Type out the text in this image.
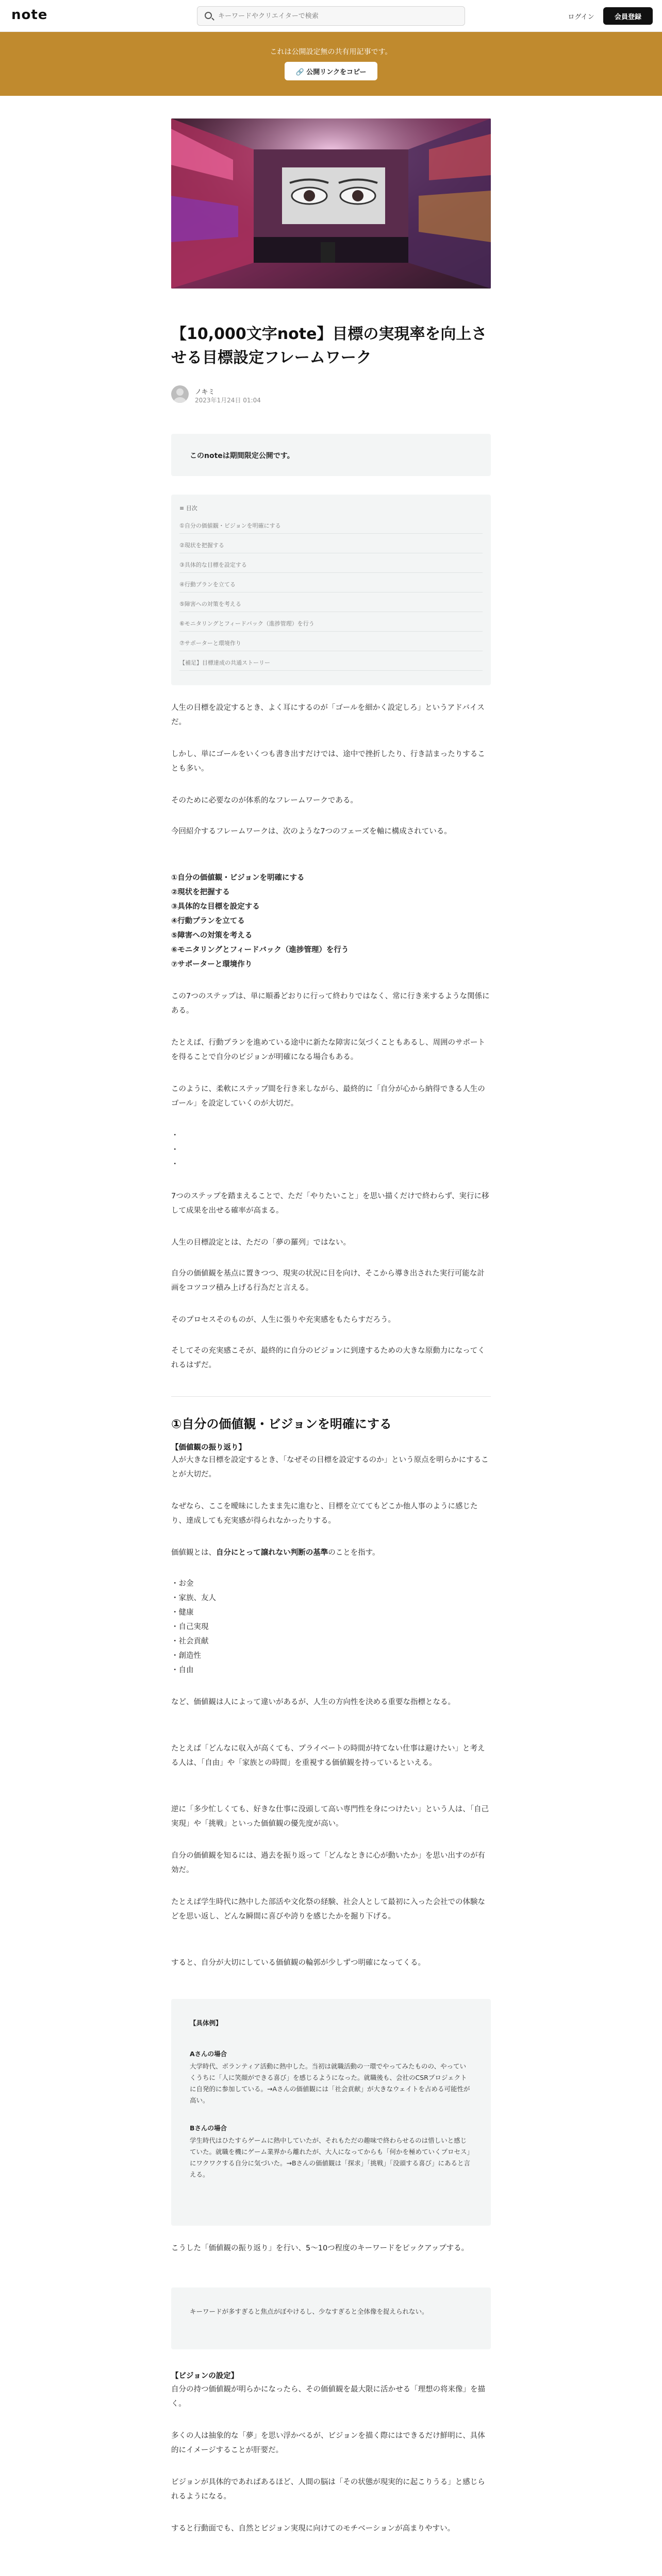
note
キーワードやクリエイターで検索	ログイン	会員登録
これは公開設定無の共有用記事です。
🔗 公開リンクをコピー
【10,000文字note】目標の実現率を向上させる目標設定フレームワーク
ノキミ
2023年1月24日 01:04
このnoteは期間限定公開です。
≡ 目次
①自分の価値観・ビジョンを明確にする
②現状を把握する
③具体的な目標を設定する
④行動プランを立てる
⑤障害への対策を考える
⑥モニタリングとフィードバック（進捗管理）を行う
⑦サポーターと環境作り
【補足】目標達成の共通ストーリー
人生の目標を設定するとき、よく耳にするのが「ゴールを細かく設定しろ」というアドバイスだ。
しかし、単にゴールをいくつも書き出すだけでは、途中で挫折したり、行き詰まったりすることも多い。
そのために必要なのが体系的なフレームワークである。
今回紹介するフレームワークは、次のような7つのフェーズを軸に構成されている。
①自分の価値観・ビジョンを明確にする
②現状を把握する
③具体的な目標を設定する
④行動プランを立てる
⑤障害への対策を考える
⑥モニタリングとフィードバック（進捗管理）を行う
⑦サポーターと環境作り
この7つのステップは、単に順番どおりに行って終わりではなく、常に行き来するような関係にある。
たとえば、行動プランを進めている途中に新たな障害に気づくこともあるし、周囲のサポートを得ることで自分のビジョンが明確になる場合もある。
このように、柔軟にステップ間を行き来しながら、最終的に「自分が心から納得できる人生のゴール」を設定していくのが大切だ。
・
・
・
7つのステップを踏まえることで、ただ「やりたいこと」を思い描くだけで終わらず、実行に移して成果を出せる確率が高まる。
人生の目標設定とは、ただの「夢の羅列」ではない。
自分の価値観を基点に置きつつ、現実の状況に目を向け、そこから導き出された実行可能な計画をコツコツ積み上げる行為だと言える。
そのプロセスそのものが、人生に張りや充実感をもたらすだろう。
そしてその充実感こそが、最終的に自分のビジョンに到達するための大きな原動力になってくれるはずだ。
①自分の価値観・ビジョンを明確にする
【価値観の振り返り】
人が大きな目標を設定するとき、「なぜその目標を設定するのか」という原点を明らかにすることが大切だ。
なぜなら、ここを曖昧にしたまま先に進むと、目標を立ててもどこか他人事のように感じたり、達成しても充実感が得られなかったりする。
価値観とは、自分にとって譲れない判断の基準のことを指す。
・お金
・家族、友人
・健康
・自己実現
・社会貢献
・創造性
・自由
など、価値観は人によって違いがあるが、人生の方向性を決める重要な指標となる。
たとえば「どんなに収入が高くても、プライベートの時間が持てない仕事は避けたい」と考える人は、「自由」や「家族との時間」を重視する価値観を持っているといえる。
逆に「多少忙しくても、好きな仕事に没頭して高い専門性を身につけたい」という人は、「自己実現」や「挑戦」といった価値観の優先度が高い。
自分の価値観を知るには、過去を振り返って「どんなときに心が動いたか」を思い出すのが有効だ。
たとえば学生時代に熱中した部活や文化祭の経験、社会人として最初に入った会社での体験などを思い返し、どんな瞬間に喜びや誇りを感じたかを掘り下げる。
すると、自分が大切にしている価値観の輪郭が少しずつ明確になってくる。
【具体例】
Aさんの場合
大学時代、ボランティア活動に熱中した。当初は就職活動の一環でやってみたものの、やっていくうちに「人に笑顔ができる喜び」を感じるようになった。就職後も、会社のCSRプロジェクトに自発的に参加している。→Aさんの価値観には「社会貢献」が大きなウェイトを占める可能性が高い。
Bさんの場合
学生時代はひたすらゲームに熱中していたが、それもただの趣味で終わらせるのは惜しいと感じていた。就職を機にゲーム業界から離れたが、大人になってからも「何かを極めていくプロセス」にワクワクする自分に気づいた。→Bさんの価値観は「探求」「挑戦」「没頭する喜び」にあると言える。
こうした「価値観の振り返り」を行い、5〜10つ程度のキーワードをピックアップする。
キーワードが多すぎると焦点がぼやけるし、少なすぎると全体像を捉えられない。
【ビジョンの設定】
自分の持つ価値観が明らかになったら、その価値観を最大限に活かせる「理想の将来像」を描く。
多くの人は抽象的な「夢」を思い浮かべるが、ビジョンを描く際にはできるだけ鮮明に、具体的にイメージすることが肝要だ。
ビジョンが具体的であればあるほど、人間の脳は「その状態が現実的に起こりうる」と感じられるようになる。
すると行動面でも、自然とビジョン実現に向けてのモチベーションが高まりやすい。
